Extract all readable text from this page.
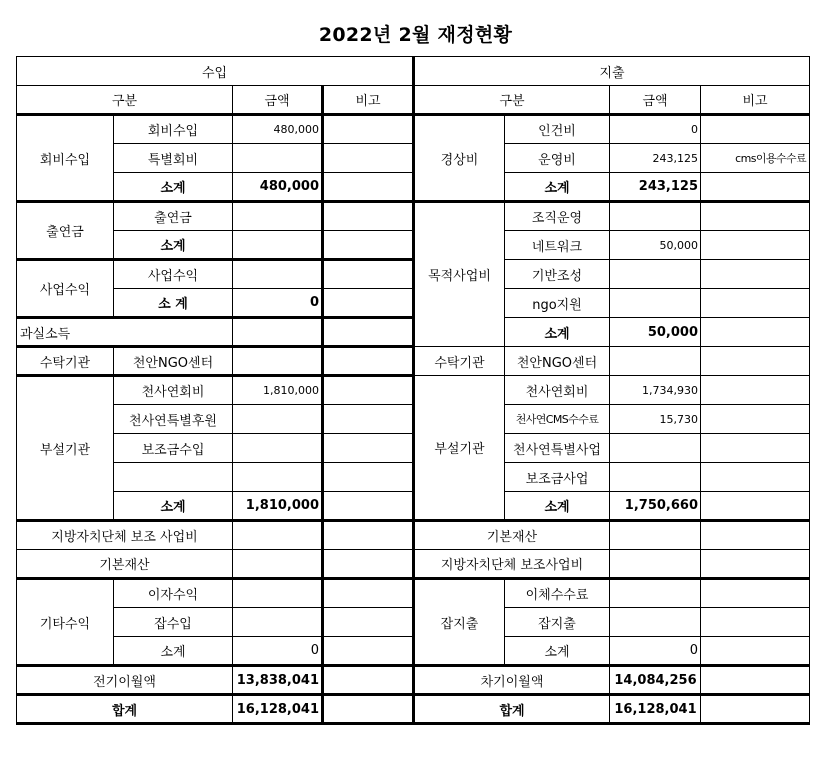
2022년 2월 재정현황
수입				지출			
구분		금액	비고	구분		금액	비고
회비수입	회비수입	480,000		경상비	인건비	0	
	특별회비				운영비	243,125	cms이용수수료
	소계	480,000			소계	243,125	
출연금	출연금			목적사업비	조직운영		
	소계				네트워크	50,000	
사업수익	사업수익				기반조성		
	소 계	0			ngo지원		
과실소득					소계	50,000	
수탁기관	천안NGO센터			수탁기관	천안NGO센터		
부설기관	천사연회비	1,810,000		부설기관	천사연회비	1,734,930	
	천사연특별후원				천사연CMS수수료	15,730	
	보조금수입				천사연특별사업		
					보조금사업		
	소계	1,810,000			소계	1,750,660	
지방자치단체 보조 사업비				기본재산			
기본재산				지방자치단체 보조사업비			
기타수익	이자수익			잡지출	이체수수료		
	잡수입				잡지출		
	소계	0			소계	0	
전기이월액		13,838,041		차기이월액		14,084,256	
합계		16,128,041		합계		16,128,041	
